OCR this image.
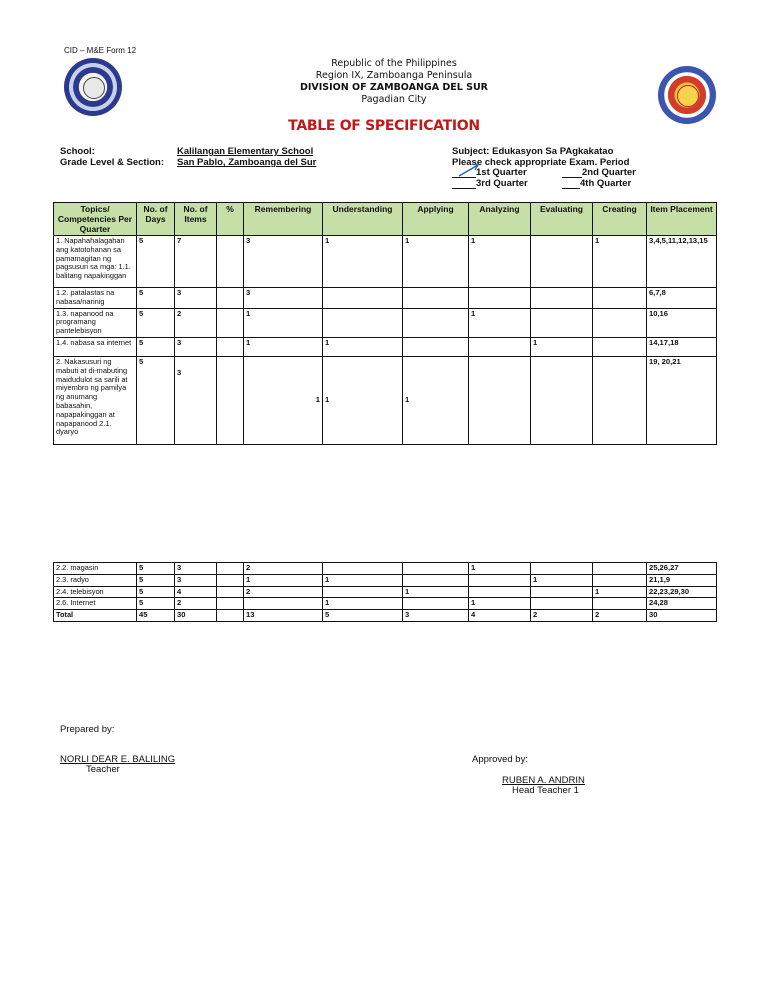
CID – M&E Form 12
Republic of the Philippines
Region IX, Zamboanga Peninsula
DIVISION OF ZAMBOANGA DEL SUR
Pagadian City
TABLE OF SPECIFICATION
School:	Kalilangan Elementary School
Grade Level & Section: San Pablo, Zamboanga del Sur
Subject: Edukasyon Sa PAgkakatao
Please check appropriate Exam. Period
1st Quarter	2nd Quarter
3rd Quarter	4th Quarter
Topics/ Competencies Per Quarter	No. of Days	No. of Items	%	Remembering	Understanding	Applying	Analyzing	Evaluating	Creating	Item Placement
1. Napahahalagahan ang katotohanan sa pamamagitan ng pagsusuri sa mga: 1.1. balitang napakinggan	5	7		3	1	1	1		1	3,4,5,11,12,13,15
1.2. patalastas na nabasa/narinig	5	3		3						6,7,8
1.3. napanood na programang pantelebisyon	5	2		1			1			10,16
1.4. nabasa sa internet	5	3		1	1			1		14,17,18
2. Nakasusuri ng mabuti at di-mabuting maidudulot sa sarili at miyembro ng pamilya ng anumang babasahin, napapakinggan at napapanood 2.1. dyaryo	5	3		1	1	1				19, 20,21
2.2. magasin	5	3		2			1			25,26,27
2.3. radyo	5	3		1	1			1		21,1,9
2.4. telebisyon	5	4		2		1			1	22,23,29,30
2.6. Internet	5	2			1		1			24,28
Total	45	30		13	5	3	4	2	2	30
Prepared by:
NORLI DEAR E. BALILING
Teacher
Approved by:
RUBEN A. ANDRIN
Head Teacher 1
